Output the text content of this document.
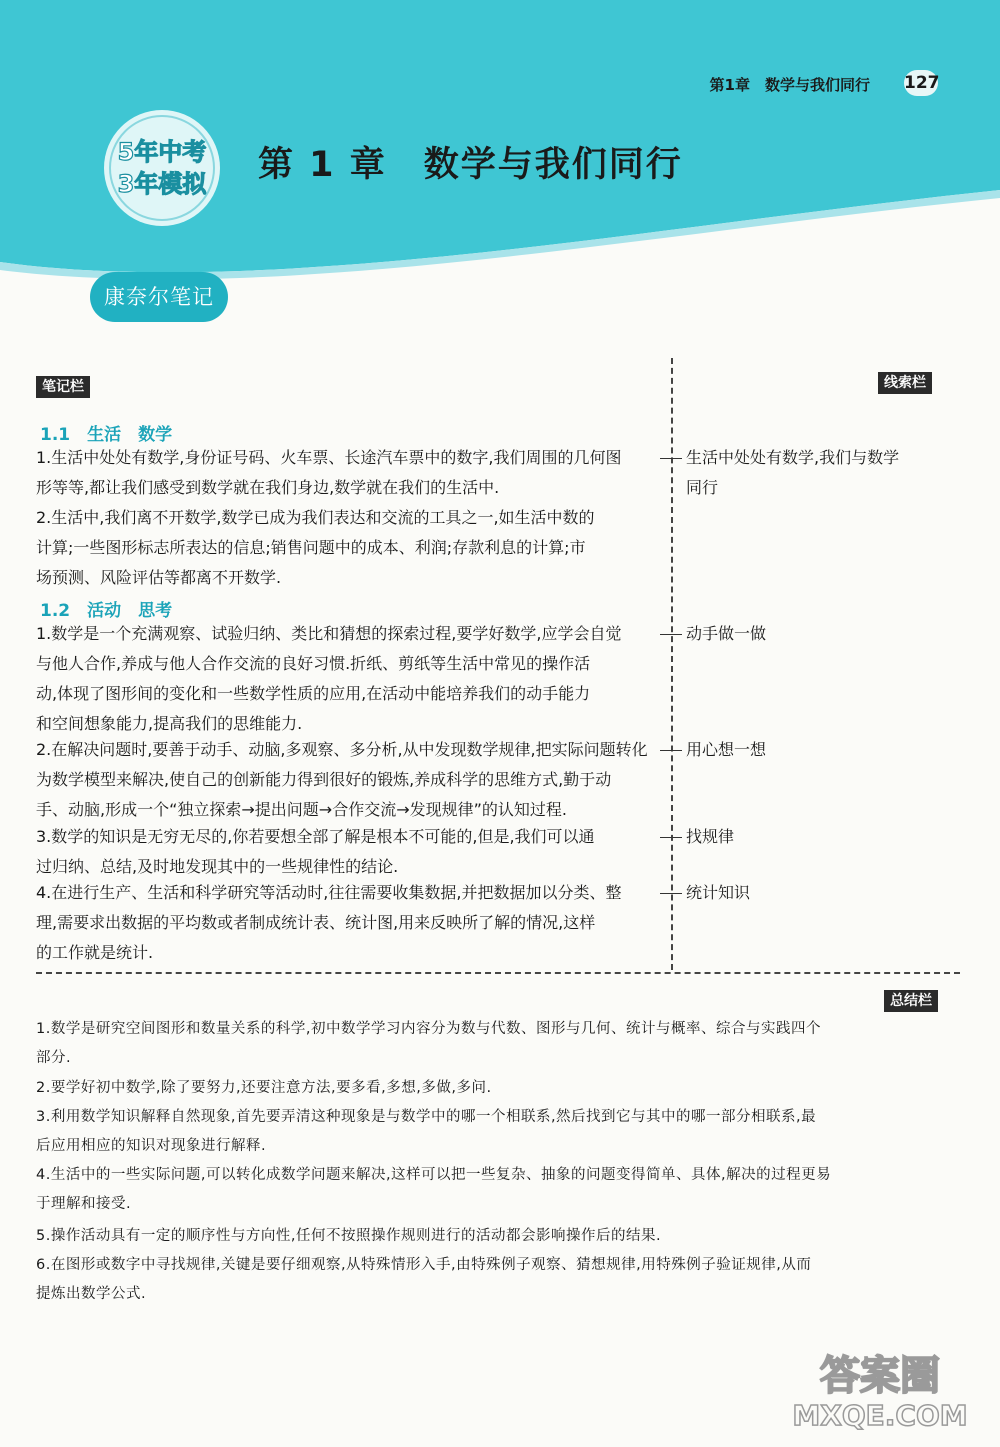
第1章　数学与我们同行 127
5年中考
3年模拟 第 1 章　数学与我们同行
康奈尔笔记
笔记栏	线索栏
总结栏
1.1　生活　数学
1.生活中处处有数学,身份证号码、火车票、长途汽车票中的数字,我们周围的几何图
形等等,都让我们感受到数学就在我们身边,数学就在我们的生活中.
2.生活中,我们离不开数学,数学已成为我们表达和交流的工具之一,如生活中数的
计算;一些图形标志所表达的信息;销售问题中的成本、利润;存款利息的计算;市
场预测、风险评估等都离不开数学.
1.2　活动　思考
1.数学是一个充满观察、试验归纳、类比和猜想的探索过程,要学好数学,应学会自觉
与他人合作,养成与他人合作交流的良好习惯.折纸、剪纸等生活中常见的操作活
动,体现了图形间的变化和一些数学性质的应用,在活动中能培养我们的动手能力
和空间想象能力,提高我们的思维能力.
2.在解决问题时,要善于动手、动脑,多观察、多分析,从中发现数学规律,把实际问题转化
为数学模型来解决,使自己的创新能力得到很好的锻炼,养成科学的思维方式,勤于动
手、动脑,形成一个“独立探索→提出问题→合作交流→发现规律”的认知过程.
3.数学的知识是无穷无尽的,你若要想全部了解是根本不可能的,但是,我们可以通
过归纳、总结,及时地发现其中的一些规律性的结论.
4.在进行生产、生活和科学研究等活动时,往往需要收集数据,并把数据加以分类、整
理,需要求出数据的平均数或者制成统计表、统计图,用来反映所了解的情况,这样
的工作就是统计.
生活中处处有数学,我们与数学
同行
动手做一做
用心想一想
找规律
统计知识
1.数学是研究空间图形和数量关系的科学,初中数学学习内容分为数与代数、图形与几何、统计与概率、综合与实践四个
部分.
2.要学好初中数学,除了要努力,还要注意方法,要多看,多想,多做,多问.
3.利用数学知识解释自然现象,首先要弄清这种现象是与数学中的哪一个相联系,然后找到它与其中的哪一部分相联系,最
后应用相应的知识对现象进行解释.
4.生活中的一些实际问题,可以转化成数学问题来解决,这样可以把一些复杂、抽象的问题变得简单、具体,解决的过程更易
于理解和接受.
5.操作活动具有一定的顺序性与方向性,任何不按照操作规则进行的活动都会影响操作后的结果.
6.在图形或数字中寻找规律,关键是要仔细观察,从特殊情形入手,由特殊例子观察、猜想规律,用特殊例子验证规律,从而
提炼出数学公式.
答案圈
MXQE.COM
